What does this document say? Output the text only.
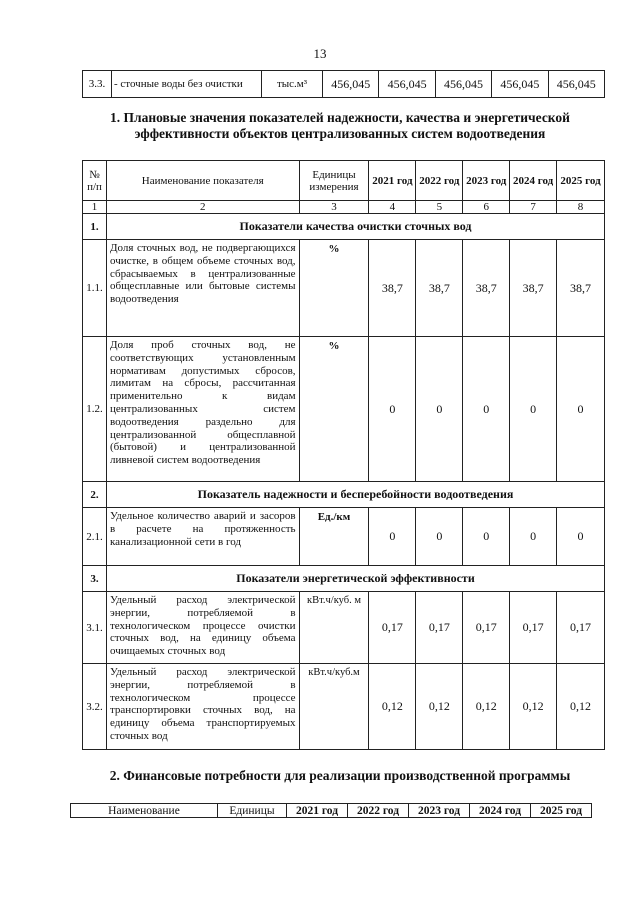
13
3.3.	- сточные воды без очистки	тыс.м³	456,045	456,045	456,045	456,045	456,045
1. Плановые значения показателей надежности, качества и энергетической эффективности объектов централизованных систем водоотведения
№ п/п	Наименование показателя	Единицы измерения	2021 год	2022 год	2023 год	2024 год	2025 год
1	2	3	4	5	6	7	8
1.	Показатели качества очистки сточных вод						
1.1.	Доля сточных вод, не подвергающихся очистке, в общем объеме сточных вод, сбрасываемых в централизованные общесплавные или бытовые системы водоотведения	%	38,7	38,7	38,7	38,7	38,7
1.2.	Доля проб сточных вод, не соответствующих установленным нормативам допустимых сбросов, лимитам на сбросы, рассчитанная применительно к видам централизованных систем водоотведения раздельно для централизованной общесплавной (бытовой) и централизованной ливневой систем водоотведения	%	0	0	0	0	0
2.	Показатель надежности и бесперебойности водоотведения						
2.1.	Удельное количество аварий и засоров в расчете на протяженность канализационной сети в год	Ед./км	0	0	0	0	0
3.	Показатели энергетической эффективности						
3.1.	Удельный расход электрической энергии, потребляемой в технологическом процессе очистки сточных вод, на единицу объема очищаемых сточных вод	кВт.ч/куб. м	0,17	0,17	0,17	0,17	0,17
3.2.	Удельный расход электрической энергии, потребляемой в технологическом процессе транспортировки сточных вод, на единицу объема транспортируемых сточных вод	кВт.ч/куб.м	0,12	0,12	0,12	0,12	0,12
2. Финансовые потребности для реализации производственной программы
Наименование	Единицы	2021 год	2022 год	2023 год	2024 год	2025 год
